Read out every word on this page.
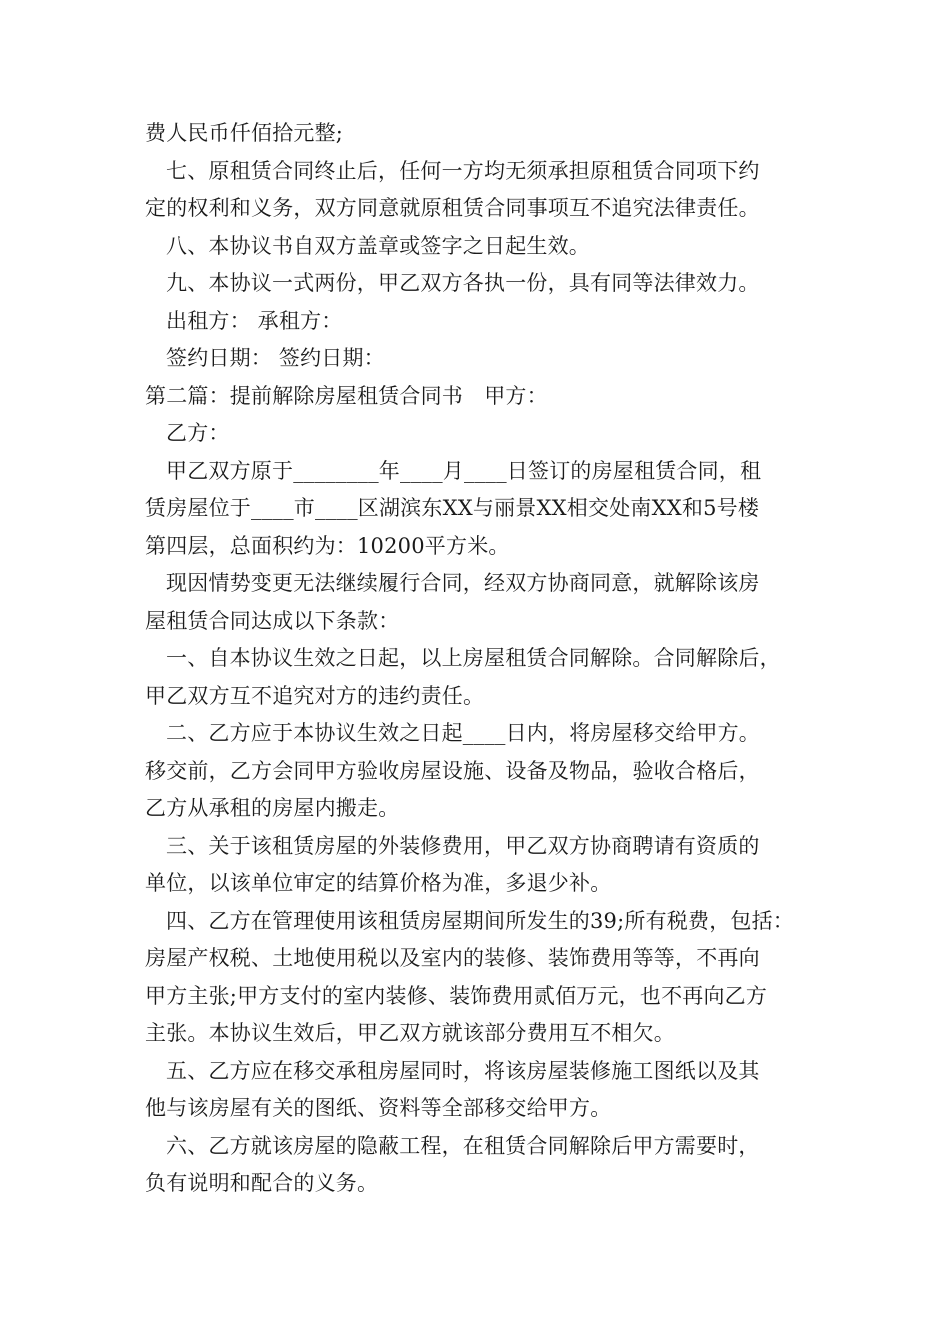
费人民币仟佰拾元整;
七、原租赁合同终止后，任何一方均无须承担原租赁合同项下约
定的权利和义务，双方同意就原租赁合同事项互不追究法律责任。
八、本协议书自双方盖章或签字之日起生效。
九、本协议一式两份，甲乙双方各执一份，具有同等法律效力。
出租方： 承租方：
签约日期： 签约日期：
第二篇：提前解除房屋租赁合同书　甲方：
乙方：
甲乙双方原于________年____月____日签订的房屋租赁合同，租
赁房屋位于____市____区湖滨东XX与丽景XX相交处南XX和5号楼
第四层，总面积约为：10200平方米。
现因情势变更无法继续履行合同，经双方协商同意，就解除该房
屋租赁合同达成以下条款：
一、自本协议生效之日起，以上房屋租赁合同解除。合同解除后，
甲乙双方互不追究对方的违约责任。
二、乙方应于本协议生效之日起____日内，将房屋移交给甲方。
移交前，乙方会同甲方验收房屋设施、设备及物品，验收合格后，
乙方从承租的房屋内搬走。
三、关于该租赁房屋的外装修费用，甲乙双方协商聘请有资质的
单位，以该单位审定的结算价格为准，多退少补。
四、乙方在管理使用该租赁房屋期间所发生的39;所有税费，包括：
房屋产权税、土地使用税以及室内的装修、装饰费用等等，不再向
甲方主张;甲方支付的室内装修、装饰费用贰佰万元，也不再向乙方
主张。本协议生效后，甲乙双方就该部分费用互不相欠。
五、乙方应在移交承租房屋同时，将该房屋装修施工图纸以及其
他与该房屋有关的图纸、资料等全部移交给甲方。
六、乙方就该房屋的隐蔽工程，在租赁合同解除后甲方需要时，
负有说明和配合的义务。
